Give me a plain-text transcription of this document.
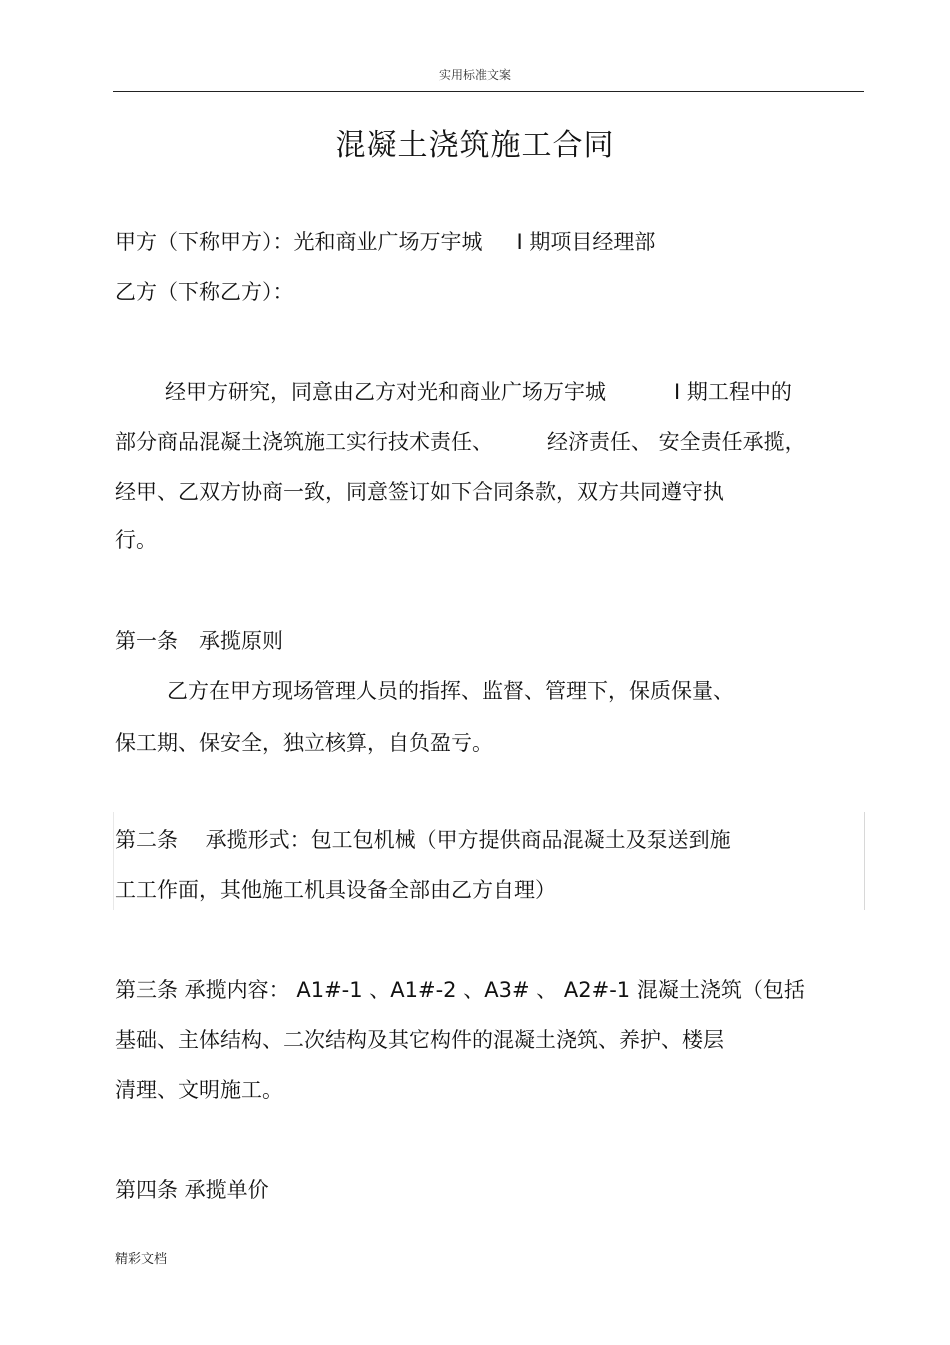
实用标准文案
混凝土浇筑施工合同
甲方（下称甲方）：光和商业广场万宇城 Ⅰ 期项目经理部
乙方（下称乙方）：
经甲方研究，同意由乙方对光和商业广场万宇城	Ⅰ 期工程中的
部分商品混凝土浇筑施工实行技术责任、	经济责任、 安全责任承揽，
经甲、乙双方协商一致，同意签订如下合同条款，双方共同遵守执
行。
第一条　承揽原则
乙方在甲方现场管理人员的指挥、监督、管理下，保质保量、
保工期、保安全，独立核算，自负盈亏。
第二条　 承揽形式：包工包机械（甲方提供商品混凝土及泵送到施
工工作面，其他施工机具设备全部由乙方自理）
第三条 承揽内容： A1#-1 、A1#-2 、A3# 、 A2#-1 混凝土浇筑（包括
基础、主体结构、二次结构及其它构件的混凝土浇筑、养护、楼层
清理、文明施工。
第四条 承揽单价
精彩文档
